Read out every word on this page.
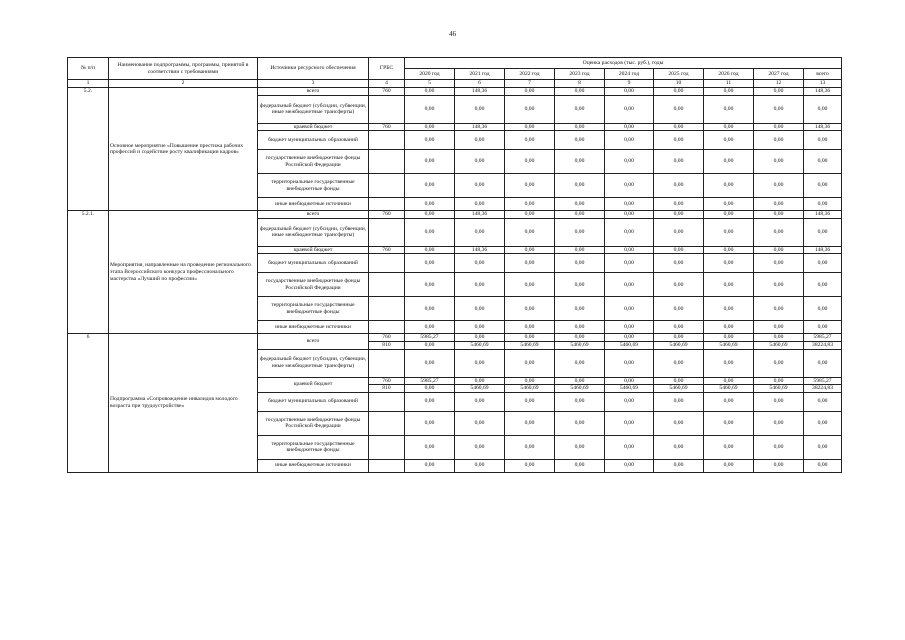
46
№ п/п	Наименование подпрограммы, программы, принятой в соответствии с требованиями	Источники ресурсного обеспечения	ГРБС	Оценка расходов (тыс. руб.), годы								
				2020 год	2021 год	2022 год	2023 год	2024 год	2025 год	2026 год	2027 год	всего
1	2	3	4	5	6	7	8	9	10	11	12	13
5.2.	Основное мероприятие «Повышение престижа рабочих профессий и содействие росту квалификации кадров»	всего	760	0,00	148,36	0,00	0,00	0,00	0,00	0,00	0,00	148,36
		федеральный бюджет (субсидии, субвенции, иные межбюджетные трансферты)		0,00	0,00	0,00	0,00	0,00	0,00	0,00	0,00	0,00
		краевой бюджет	760	0,00	148,36	0,00	0,00	0,00	0,00	0,00	0,00	148,36
		бюджет муниципальных образований		0,00	0,00	0,00	0,00	0,00	0,00	0,00	0,00	0,00
		государственные внебюджетные фонды Российской Федерации		0,00	0,00	0,00	0,00	0,00	0,00	0,00	0,00	0,00
		территориальные государственные внебюджетные фонды		0,00	0,00	0,00	0,00	0,00	0,00	0,00	0,00	0,00
		иные внебюджетные источники		0,00	0,00	0,00	0,00	0,00	0,00	0,00	0,00	0,00
5.2.1.	Мероприятия, направленные на проведение регионального этапа Всероссийского конкурса профессионального мастерства «Лучший по профессии»	всего	760	0,00	148,36	0,00	0,00	0,00	0,00	0,00	0,00	148,36
		федеральный бюджет (субсидии, субвенции, иные межбюджетные трансферты)		0,00	0,00	0,00	0,00	0,00	0,00	0,00	0,00	0,00
		краевой бюджет	760	0,00	148,36	0,00	0,00	0,00	0,00	0,00	0,00	148,36
		бюджет муниципальных образований		0,00	0,00	0,00	0,00	0,00	0,00	0,00	0,00	0,00
		государственные внебюджетные фонды Российской Федерации		0,00	0,00	0,00	0,00	0,00	0,00	0,00	0,00	0,00
		территориальные государственные внебюджетные фонды		0,00	0,00	0,00	0,00	0,00	0,00	0,00	0,00	0,00
		иные внебюджетные источники		0,00	0,00	0,00	0,00	0,00	0,00	0,00	0,00	0,00
6	Подпрограмма «Сопровождение инвалидов молодого возраста при трудоустройстве»	всего	760	5985,27	0,00	0,00	0,00	0,00	0,00	0,00	0,00	5985,27
			810	0,00	5460,69	5460,69	5460,69	5460,69	5460,69	5460,69	5460,69	38224,83
		федеральный бюджет (субсидии, субвенции, иные межбюджетные трансферты)		0,00	0,00	0,00	0,00	0,00	0,00	0,00	0,00	0,00
		краевой бюджет	760	5985,27	0,00	0,00	0,00	0,00	0,00	0,00	0,00	5985,27
			810	0,00	5460,69	5460,69	5460,69	5460,69	5460,69	5460,69	5460,69	38224,83
		бюджет муниципальных образований		0,00	0,00	0,00	0,00	0,00	0,00	0,00	0,00	0,00
		государственные внебюджетные фонды Российской Федерации		0,00	0,00	0,00	0,00	0,00	0,00	0,00	0,00	0,00
		территориальные государственные внебюджетные фонды		0,00	0,00	0,00	0,00	0,00	0,00	0,00	0,00	0,00
		иные внебюджетные источники		0,00	0,00	0,00	0,00	0,00	0,00	0,00	0,00	0,00
